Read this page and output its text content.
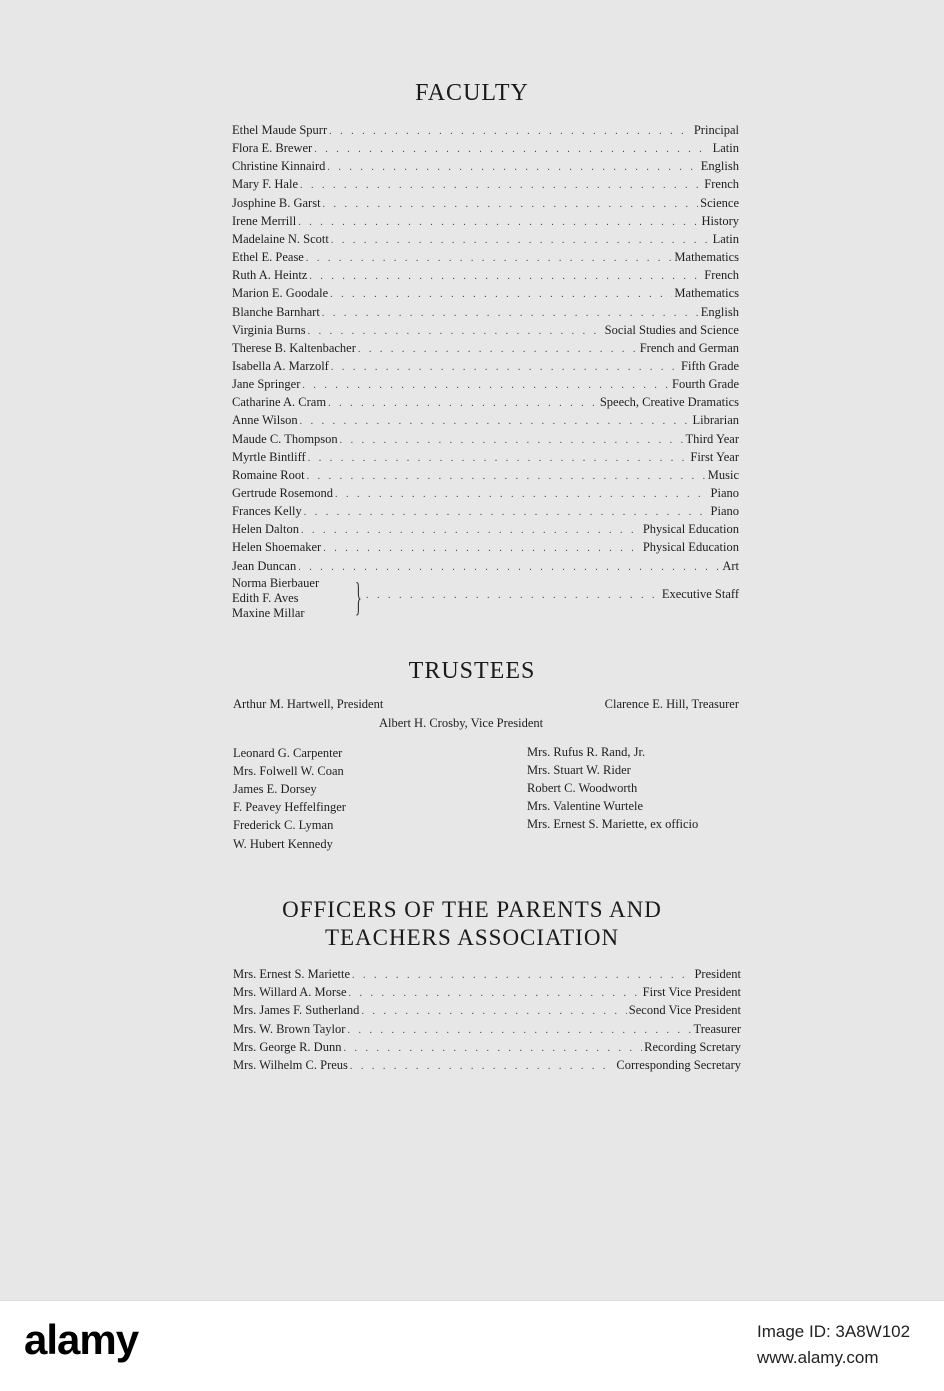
FACULTY
Ethel Maude Spurr . . .	Principal
Flora E. Brewer . . .	Latin
Christine Kinnaird . . .	English
Mary F. Hale . . .	French
Josphine B. Garst . . .	Science
Irene Merrill . . .	History
Madelaine N. Scott . . .	Latin
Ethel E. Pease . . .	Mathematics
Ruth A. Heintz . . .	French
Marion E. Goodale . . .	Mathematics
Blanche Barnhart . . .	English
Virginia Burns . . .	Social Studies and Science
Therese B. Kaltenbacher . . .	French and German
Isabella A. Marzolf . . .	Fifth Grade
Jane Springer . . .	Fourth Grade
Catharine A. Cram . . .	Speech, Creative Dramatics
Anne Wilson . . .	Librarian
Maude C. Thompson . . .	Third Year
Myrtle Bintliff . . .	First Year
Romaine Root . . .	Music
Gertrude Rosemond . . .	Piano
Frances Kelly . . .	Piano
Helen Dalton . . .	Physical Education
Helen Shoemaker . . .	Physical Education
Jean Duncan . . .	Art
Norma Bierbauer
Edith F. Aves
Maxine Millar	} . . .	Executive Staff
TRUSTEES
Arthur M. Hartwell, President	Clarence E. Hill, Treasurer
Albert H. Crosby, Vice President
Leonard G. Carpenter
Mrs. Folwell W. Coan
James E. Dorsey
F. Peavey Heffelfinger
Frederick C. Lyman
W. Hubert Kennedy
Mrs. Rufus R. Rand, Jr.
Mrs. Stuart W. Rider
Robert C. Woodworth
Mrs. Valentine Wurtele
Mrs. Ernest S. Mariette, ex officio
OFFICERS OF THE PARENTS AND
TEACHERS ASSOCIATION
Mrs. Ernest S. Mariette . . .	President
Mrs. Willard A. Morse . . .	First Vice President
Mrs. James F. Sutherland . . .	Second Vice President
Mrs. W. Brown Taylor . . .	Treasurer
Mrs. George R. Dunn . . .	Recording Scretary
Mrs. Wilhelm C. Preus . . .	Corresponding Secretary
alamy	Image ID: 3A8W102
www.alamy.com
